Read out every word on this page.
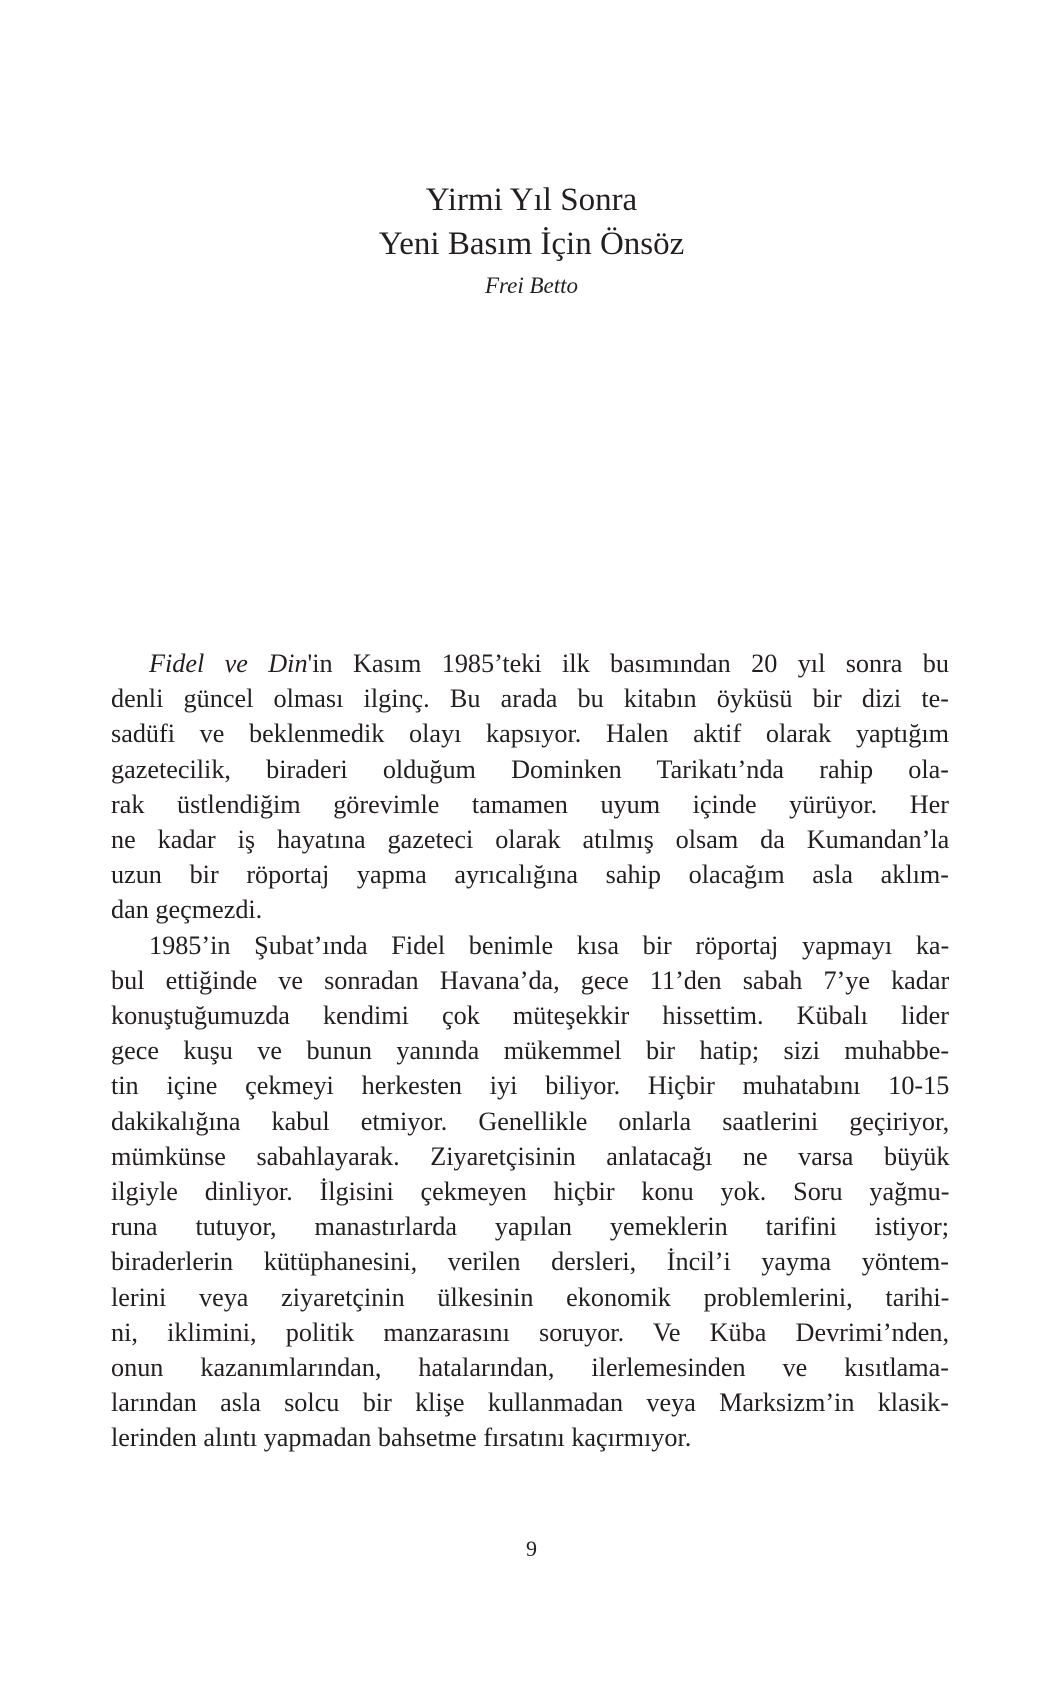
Yirmi Yıl Sonra
Yeni Basım İçin Önsöz
Frei Betto
Fidel ve Din'in Kasım 1985’teki ilk basımından 20 yıl sonra bu
denli güncel olması ilginç. Bu arada bu kitabın öyküsü bir dizi te-
sadüfi ve beklenmedik olayı kapsıyor. Halen aktif olarak yaptığım
gazetecilik, biraderi olduğum Dominken Tarikatı’nda rahip ola-
rak üstlendiğim görevimle tamamen uyum içinde yürüyor. Her
ne kadar iş hayatına gazeteci olarak atılmış olsam da Kumandan’la
uzun bir röportaj yapma ayrıcalığına sahip olacağım asla aklım-
dan geçmezdi.
1985’in Şubat’ında Fidel benimle kısa bir röportaj yapmayı ka-
bul ettiğinde ve sonradan Havana’da, gece 11’den sabah 7’ye kadar
konuştuğumuzda kendimi çok müteşekkir hissettim. Kübalı lider
gece kuşu ve bunun yanında mükemmel bir hatip; sizi muhabbe-
tin içine çekmeyi herkesten iyi biliyor. Hiçbir muhatabını 10-15
dakikalığına kabul etmiyor. Genellikle onlarla saatlerini geçiriyor,
mümkünse sabahlayarak. Ziyaretçisinin anlatacağı ne varsa büyük
ilgiyle dinliyor. İlgisini çekmeyen hiçbir konu yok. Soru yağmu-
runa tutuyor, manastırlarda yapılan yemeklerin tarifini istiyor;
biraderlerin kütüphanesini, verilen dersleri, İncil’i yayma yöntem-
lerini veya ziyaretçinin ülkesinin ekonomik problemlerini, tarihi-
ni, iklimini, politik manzarasını soruyor. Ve Küba Devrimi’nden,
onun kazanımlarından, hatalarından, ilerlemesinden ve kısıtlama-
larından asla solcu bir klişe kullanmadan veya Marksizm’in klasik-
lerinden alıntı yapmadan bahsetme fırsatını kaçırmıyor.
9
